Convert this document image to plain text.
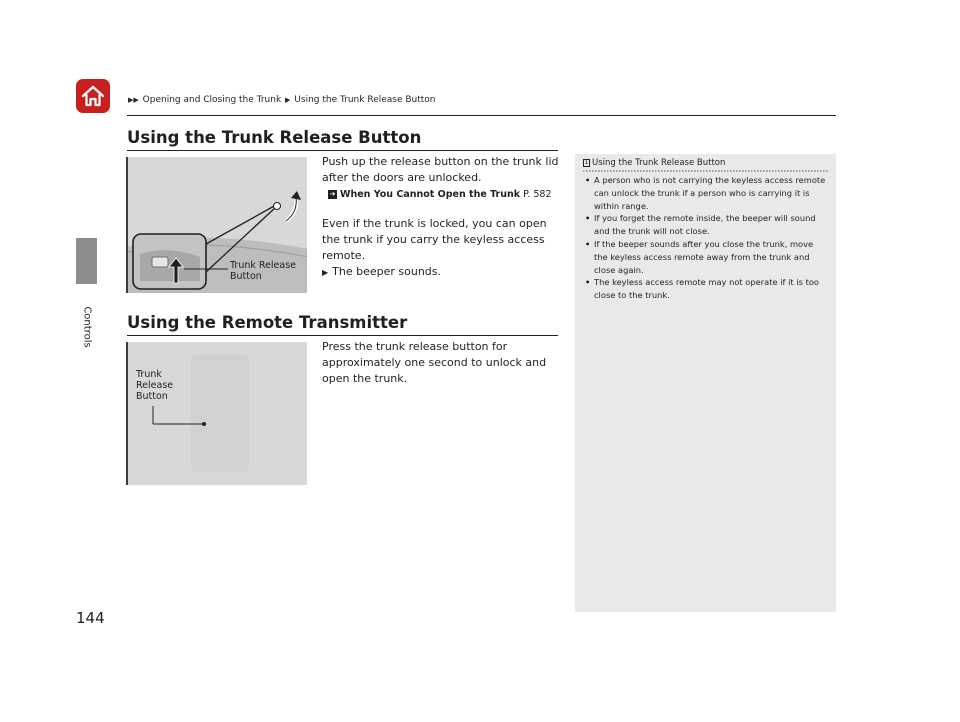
▶▶ Opening and Closing the Trunk ▶ Using the Trunk Release Button
Controls
144
Using the Trunk Release Button
Trunk Release
Button

Push up the release button on the trunk lid after the doors are unlocked.

➔ When You Cannot Open the Trunk P. 582

Even if the trunk is locked, you can open the trunk if you carry the keyless access remote.

▶ The beeper sounds.

Using the Remote Transmitter
Trunk
Release
Button

Press the trunk release button for approximately one second to unlock and open the trunk.

1 Using the Trunk Release Button
• A person who is not carrying the keyless access remote can unlock the trunk if a person who is carrying it is within range.
• If you forget the remote inside, the beeper will sound and the trunk will not close.
• If the beeper sounds after you close the trunk, move the keyless access remote away from the trunk and close again.
• The keyless access remote may not operate if it is too close to the trunk.
